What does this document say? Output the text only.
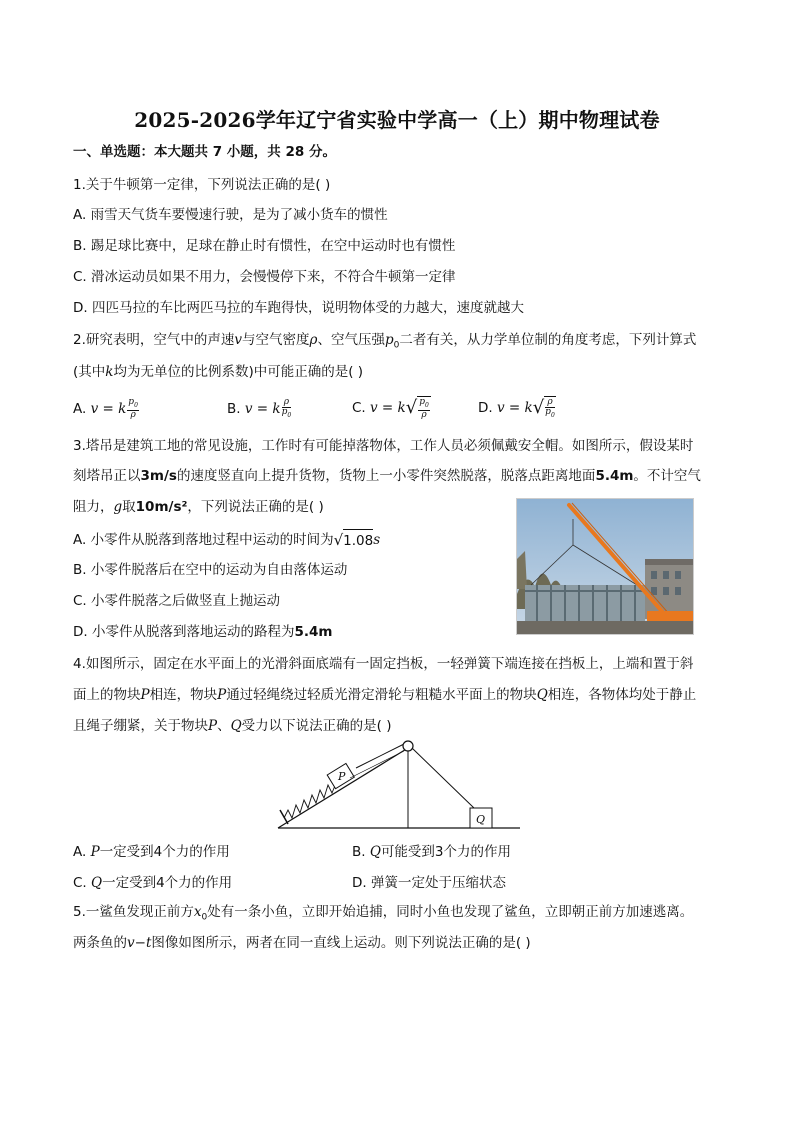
2025-2026学年辽宁省实验中学高一（上）期中物理试卷
一、单选题：本大题共 7 小题，共 28 分。
1.关于牛顿第一定律，下列说法正确的是( )
A. 雨雪天气货车要慢速行驶，是为了减小货车的惯性
B. 踢足球比赛中，足球在静止时有惯性，在空中运动时也有惯性
C. 滑冰运动员如果不用力，会慢慢停下来，不符合牛顿第一定律
D. 四匹马拉的车比两匹马拉的车跑得快，说明物体受的力越大，速度就越大
2.研究表明，空气中的声速v与空气密度ρ、空气压强$p_0$二者有关，从力学单位制的角度考虑，下列计算式
(其中k均为无单位的比例系数)中可能正确的是( )
A. v = k $\frac{p_0}{\rho}$	B. v = k $\frac{\rho}{p_0}$	C. v = k √ $\frac{p_0}{\rho}$	D. v = k √ $\frac{\rho}{p_0}$
3.塔吊是建筑工地的常见设施，工作时有可能掉落物体，工作人员必须佩戴安全帽。如图所示，假设某时
刻塔吊正以3m/s的速度竖直向上提升货物，货物上一小零件突然脱落，脱落点距离地面5.4m。不计空气
阻力，g取10m/s²，下列说法正确的是( )
A. 小零件从脱落到落地过程中运动的时间为 √ 1.08 s
B. 小零件脱落后在空中的运动为自由落体运动
C. 小零件脱落之后做竖直上抛运动
D. 小零件从脱落到落地运动的路程为5.4m
4.如图所示，固定在水平面上的光滑斜面底端有一固定挡板，一轻弹簧下端连接在挡板上，上端和置于斜
面上的物块P相连，物块P通过轻绳绕过轻质光滑定滑轮与粗糙水平面上的物块Q相连，各物体均处于静止
且绳子绷紧，关于物块P、Q受力以下说法正确的是( )
P
Q
A. P一定受到4个力的作用	B. Q可能受到3个力的作用
C. Q一定受到4个力的作用	D. 弹簧一定处于压缩状态
5.一鲨鱼发现正前方$x_0$处有一条小鱼，立即开始追捕，同时小鱼也发现了鲨鱼，立即朝正前方加速逃离。
两条鱼的v−t图像如图所示，两者在同一直线上运动。则下列说法正确的是( )
